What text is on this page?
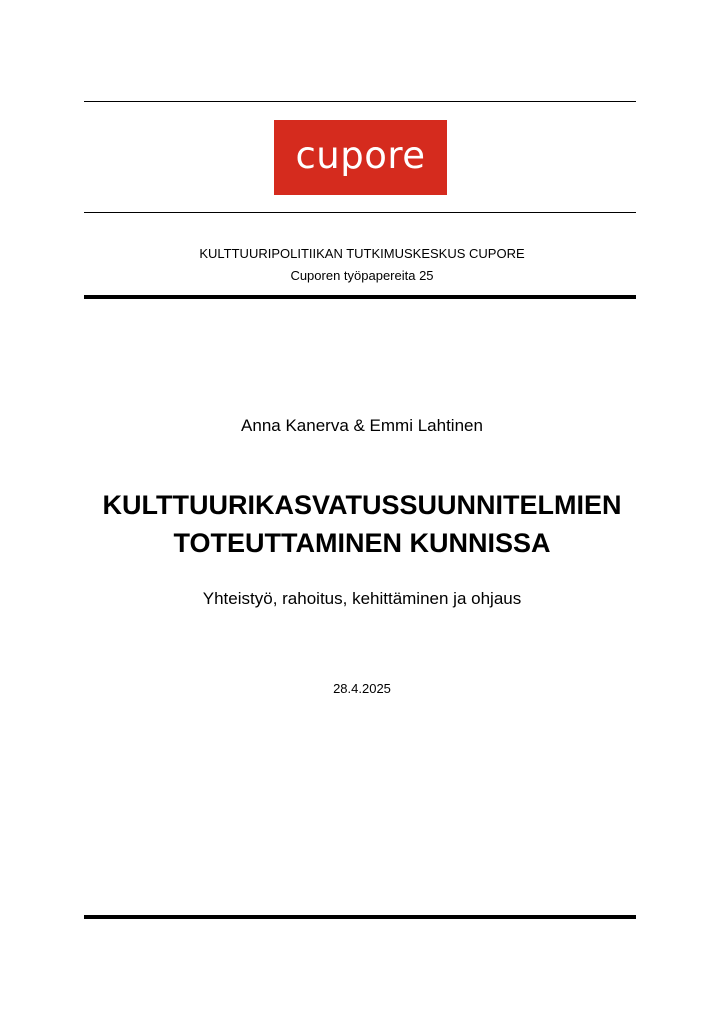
cupore
KULTTUURIPOLITIIKAN TUTKIMUSKESKUS CUPORE
Cuporen työpapereita 25
Anna Kanerva & Emmi Lahtinen
KULTTUURIKASVATUSSUUNNITELMIEN
TOTEUTTAMINEN KUNNISSA
Yhteistyö, rahoitus, kehittäminen ja ohjaus
28.4.2025
